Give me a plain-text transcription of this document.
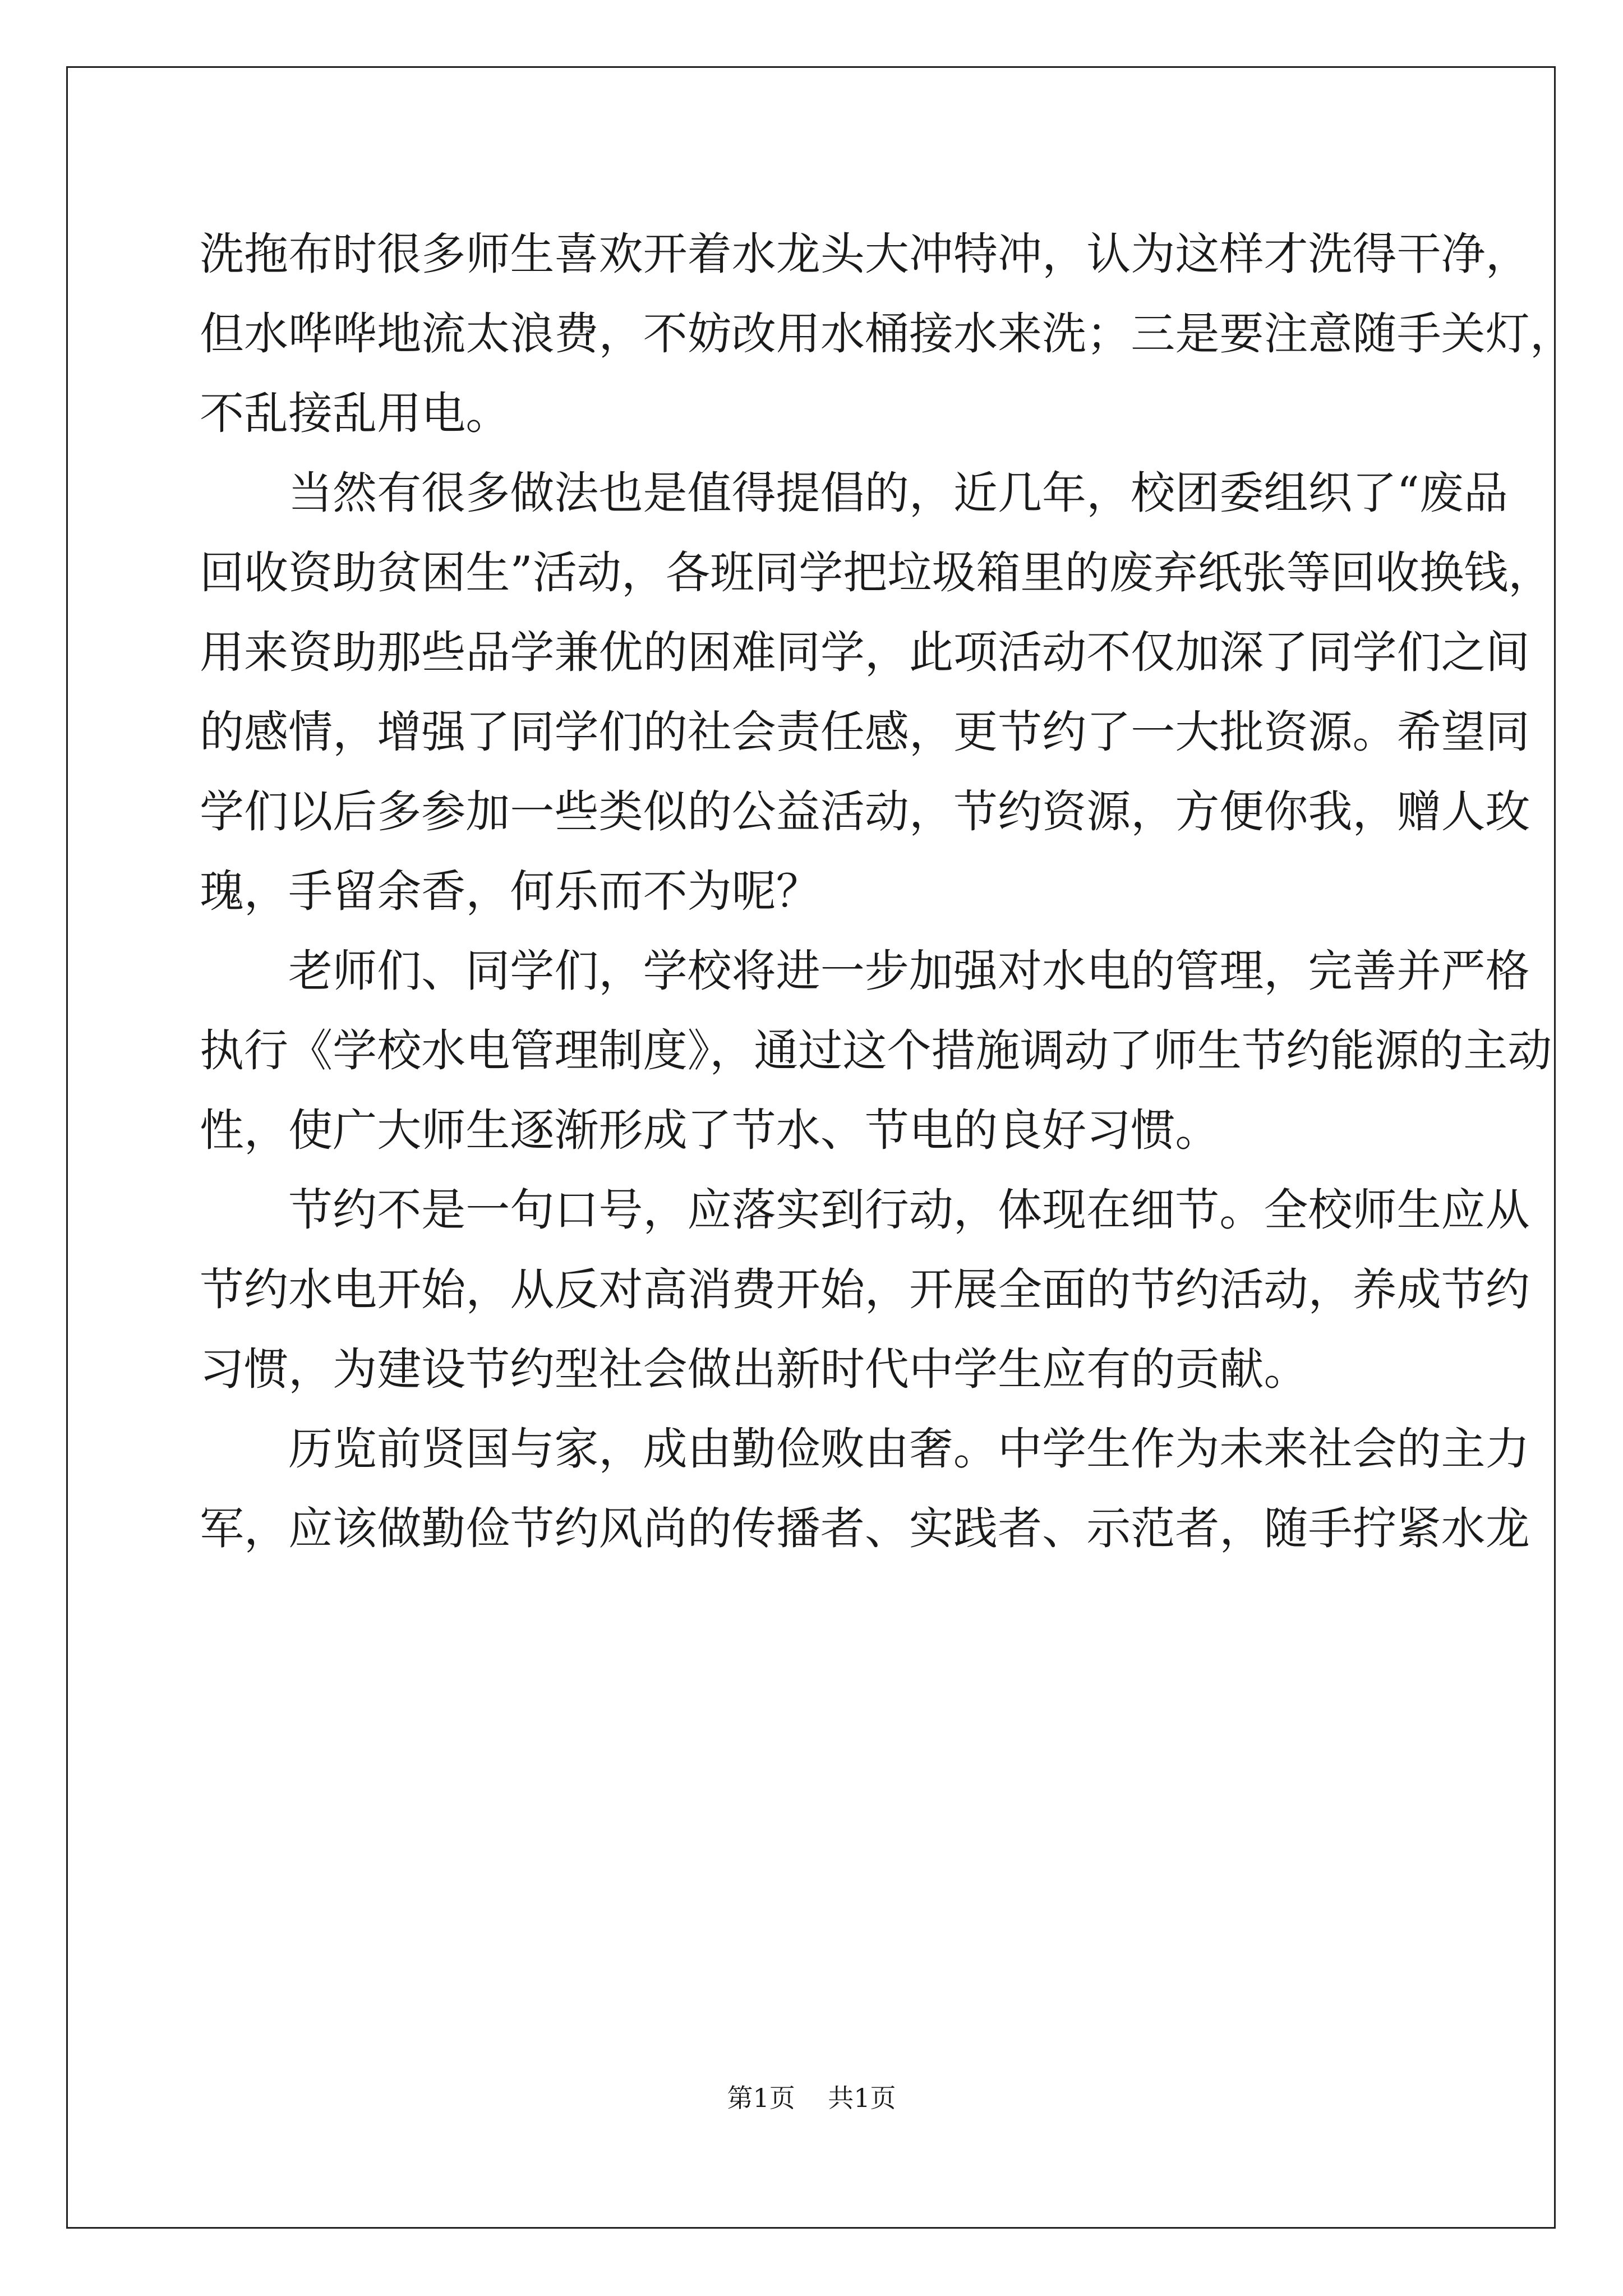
洗拖布时很多师生喜欢开着水龙头大冲特冲，认为这样才洗得干净，
但水哗哗地流太浪费，不妨改用水桶接水来洗；三是要注意随手关灯，
不乱接乱用电。
当然有很多做法也是值得提倡的，近几年，校团委组织了“废品
回收资助贫困生”活动，各班同学把垃圾箱里的废弃纸张等回收换钱，
用来资助那些品学兼优的困难同学，此项活动不仅加深了同学们之间
的感情，增强了同学们的社会责任感，更节约了一大批资源。希望同
学们以后多参加一些类似的公益活动，节约资源，方便你我，赠人玫
瑰，手留余香，何乐而不为呢？
老师们、同学们，学校将进一步加强对水电的管理，完善并严格
执行《学校水电管理制度》，通过这个措施调动了师生节约能源的主动
性，使广大师生逐渐形成了节水、节电的良好习惯。
节约不是一句口号，应落实到行动，体现在细节。全校师生应从
节约水电开始，从反对高消费开始，开展全面的节约活动，养成节约
习惯，为建设节约型社会做出新时代中学生应有的贡献。
历览前贤国与家，成由勤俭败由奢。中学生作为未来社会的主力
军，应该做勤俭节约风尚的传播者、实践者、示范者，随手拧紧水龙
第1页 共1页
